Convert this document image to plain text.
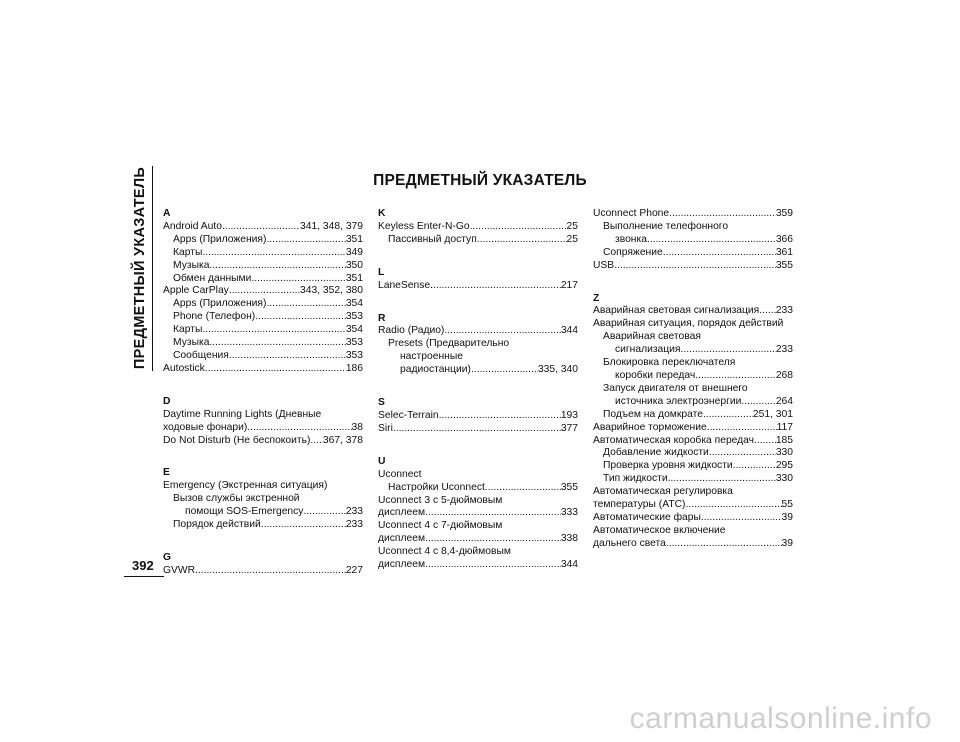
ПРЕДМЕТНЫЙ УКАЗАТЕЛЬ	ПРЕДМЕТНЫЙ УКАЗАТЕЛЬ
A
Android Auto .....	341, 348, 379
Apps (Приложения) .....	351
Карты .....	349
Музыка .....	350
Обмен данными .....	351
Apple CarPlay .....	343, 352, 380
Apps (Приложения) .....	354
Phone (Телефон) .....	353
Карты .....	354
Музыка .....	353
Сообщения .....	353
Autostick .....	186
D
Daytime Running Lights (Дневные
ходовые фонари) .....	38
Do Not Disturb (Не беспокоить) ..... 367, 378
E
Emergency (Экстренная ситуация)
Вызов службы экстренной
помощи SOS-Emergency .....	233
Порядок действий .....	233
G
GVWR .....	227
K
Keyless Enter-N-Go .....	25
Пассивный доступ .....	25
L
LaneSense .....	217
R
Radio (Радио) .....	344
Presets (Предварительно
настроенные
радиостанции) .....	335, 340
S
Selec-Terrain .....	193
Siri .....	377
U
Uconnect
Настройки Uconnect .....	355
Uconnect 3 с 5-дюймовым
дисплеем .....	333
Uconnect 4 с 7-дюймовым
дисплеем .....	338
Uconnect 4 с 8,4-дюймовым
дисплеем .....	344
Uconnect Phone .....	359
Выполнение телефонного
звонка .....	366
Сопряжение .....	361
USB .....	355
Z
Аварийная световая сигнализация ..... 233
Аварийная ситуация, порядок действий
Аварийная световая
сигнализация .....	233
Блокировка переключателя
коробки передач .....	268
Запуск двигателя от внешнего
источника электроэнергии .....	264
Подъем на домкрате .....	251, 301
Аварийное торможение .....	117
Автоматическая коробка передач ..... 185
Добавление жидкости .....	330
Проверка уровня жидкости .....	295
Тип жидкости .....	330
Автоматическая регулировка
температуры (ATC) .....	55
Автоматические фары .....	39
Автоматическое включение
дальнего света .....	39
392
carmanualsonline.info
